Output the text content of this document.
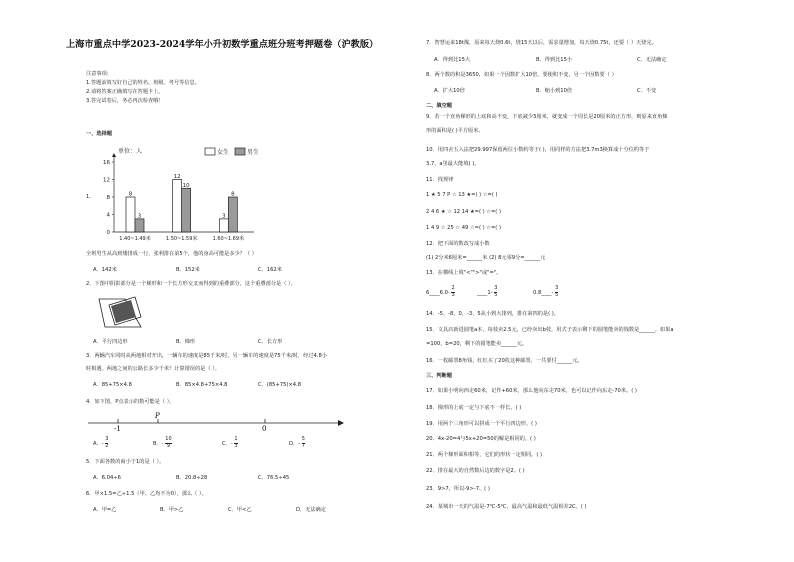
上海市重点中学2023-2024学年小升初数学重点班分班考押题卷（沪教版）
注意事项:
1.答题前填写好自己的姓名、班级、考号等信息。
2.请将答案正确填写在答题卡上。
3.答完试卷后，务必再次检查哦！
一、选择题
1.
单位：人
16
12
8
4
0
8
3
1.40~1.49米
12
10
1.50~1.59米
3
8
1.60~1.69米
女生	男生
全班男生从高到矮排成一行，张利排在第5个，他的身高可能是多少？（ ）
A．142米	B．152米	C．162米
2．下图中阴影部分是一个梯形和一个长方形交叉而得到的重叠部分，这个重叠部分是（ ）。
A．平行四边形	B．梯形	C．长方形
3．两辆汽车同时从两地相对开出，一辆车的速度是85千米/时，另一辆车的速度是75千米/时，经过4.8小
时相遇。两地之间的公路长多少千米？计算错误的是（ ）。
A．85+75×4.8	B．85×4.8+75×4.8	C．(85+75)×4.8
4．如下图，P点表示的数可能是（ ）。
-1
P
0
A．- $\frac{3}{2}$	B．- $\frac{10}{9}$	C．- $\frac{1}{3}$	D．- $\frac{5}{7}$
5．下面各数的商小于1的是（ ）。
A．6.04÷6	B．20.8÷28	C．76.5÷45
6．甲×1.5=乙÷1.5（甲、乙均不为0），那么（ ）。
A．甲=乙	B．甲>乙	C．甲<乙	D．无法确定
7．智慧运来18t煤，原来每天烧0.6t，烧15天以后，需求量增加，每天烧0.75t，还要（ ）天烧完。
A．得到比15大	B．得到比15小	C．无法确定
8．两个数的积是3650，如果一个因数扩大10倍，要使积不变，另一个因数要（ ）
A．扩大10倍	B．缩小到10倍	C．不变
二、填空题
9．若一个直角梯形的上底和高不变，下底减少3厘米，就变成一个周长是20厘米的正方形，则原来直角梯
形的面积是( )平方厘米。
10．用四舍五入法把29.997保留两位小数约等于( )，用同样的方法把3.7m3换算成十分位约等于
3.7，a里最大能填( )。
11．找规律
1 ★ 5 7 P ☆ 13 ★=( ) ☆=( )
2 4 6 ★ ☆ 12 14 ★=( ) ☆=( )
1 4 9 ☆ 25 ☆ 49 ☆=( ) ☆=( )
12．把下面的数改写成小数
(1) 2分米6厘米=______米 (2) 8元零9分=______元
13．在横线上填"<"">"或"="。
6____6.0- $\frac{2}{3}$	____1- $\frac{3}{5}$	0.8____- $\frac{3}{5}$
14．-5、-8、0、-3、5从小到大排列，排在第四的是( )。
15．文具店新进圆笔a本，每枝卖2.5元，已经卖出b枝，用式子表示剩下的圆笔能卖的钱数是______。如果a
=100，b=20，剩下的圆笔能卖______元。
16．一枚邮票8角钱，红红买了20枚这种邮票，一共要付______元。
三、判断题
17．如果小明向西走60米，记作+60米，那么他向东走70米，也可以记作向东走-70米。( )
18．梯形的上底一定与下底不一样长。( )
19．用两个三角形可以拼成一个平行四边形。( )
20．4x-20=4与5x+20=50的解是相同的。( )
21．两个梯形面积相等，它们的形状一定相同。( )
22．排在最大的自然数后边的数字是2。( )
23．9>7，所以-9>-7。( )
24．某城市一天的气温是-7℃-5℃，最高气温和最低气温相差2C。( )
